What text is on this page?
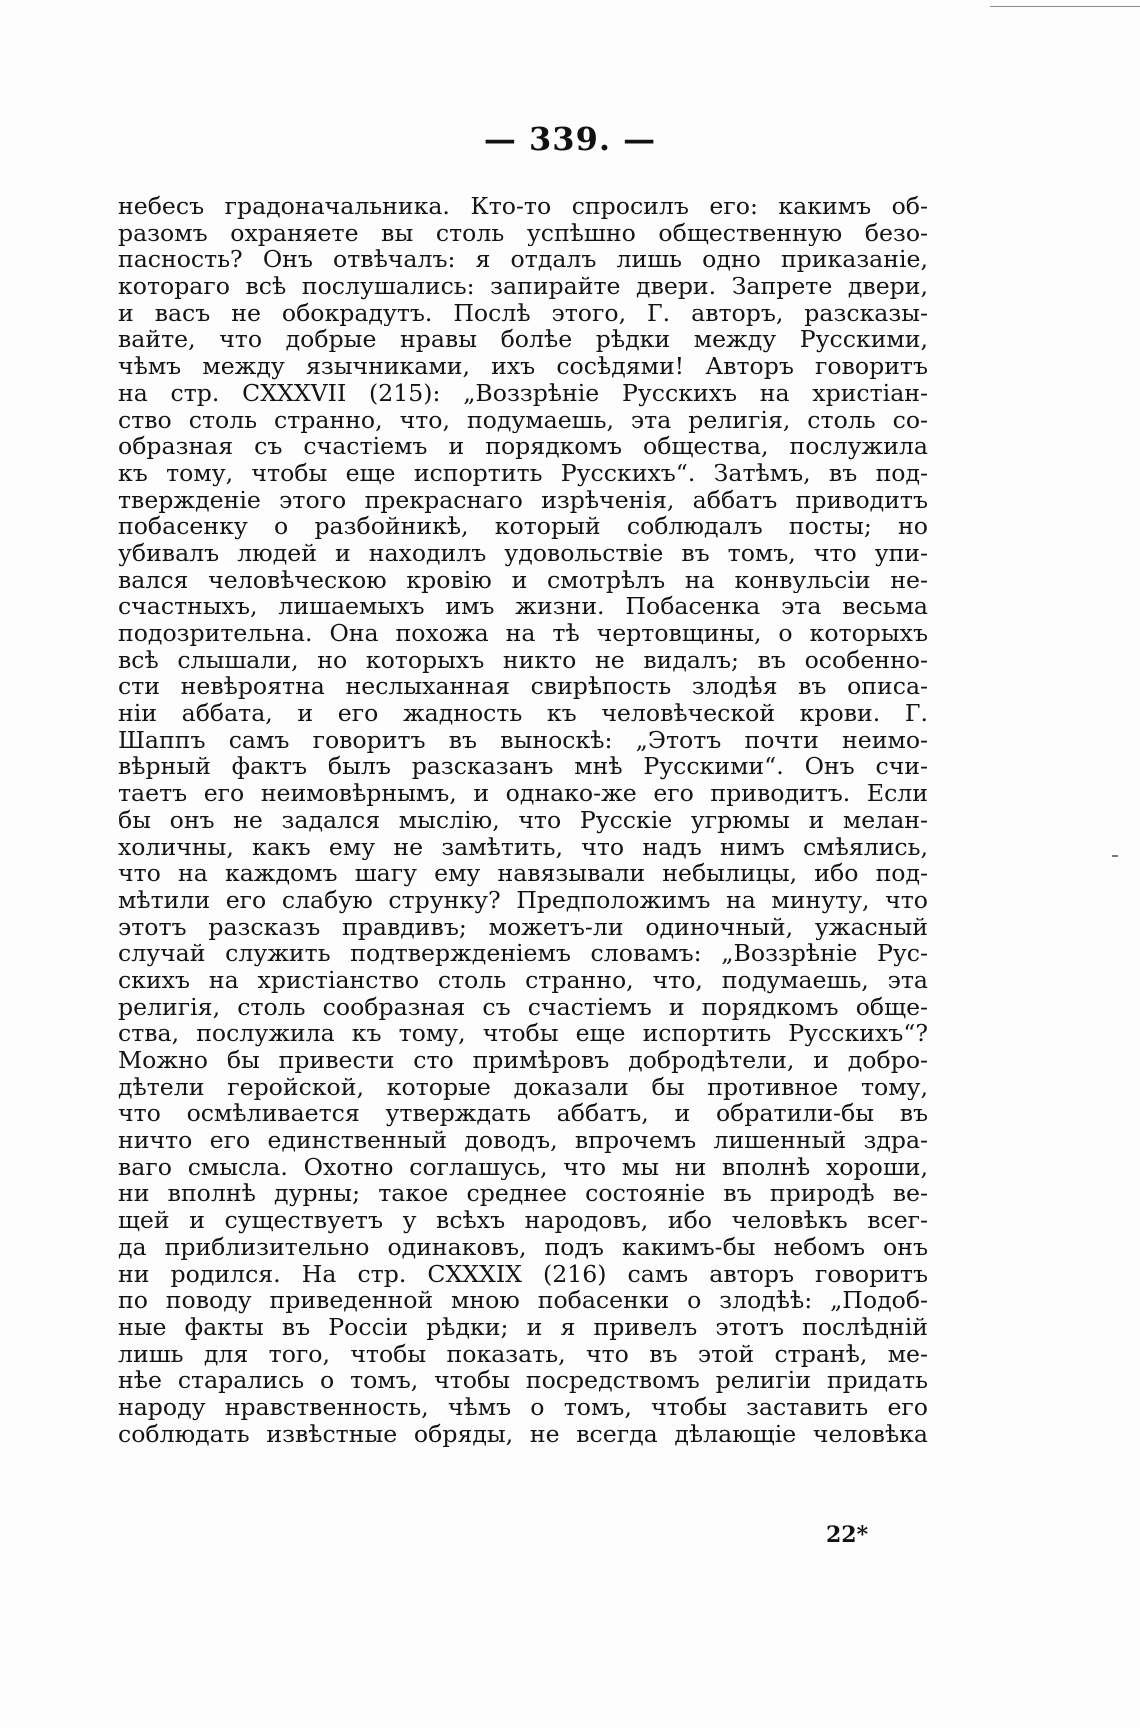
— 339. —
небесъ градоначальника. Кто-то спросилъ его: какимъ об-
разомъ охраняете вы столь успѣшно общественную безо-
пасность? Онъ отвѣчалъ: я отдалъ лишь одно приказаніе,
котораго всѣ послушались: запирайте двери. Запрете двери,
и васъ не обокрадутъ. Послѣ этого, Г. авторъ, разсказы-
вайте, что добрые нравы болѣе рѣдки между Русскими,
чѣмъ между язычниками, ихъ сосѣдями! Авторъ говоритъ
на стр. CXXXVII (215): „Воззрѣніе Русскихъ на христіан-
ство столь странно, что, подумаешь, эта религія, столь со-
образная съ счастіемъ и порядкомъ общества, послужила
къ тому, чтобы еще испортить Русскихъ“. Затѣмъ, въ под-
твержденіе этого прекраснаго изрѣченія, аббатъ приводитъ
побасенку о разбойникѣ, который соблюдалъ посты; но
убивалъ людей и находилъ удовольствіе въ томъ, что упи-
вался человѣческою кровію и смотрѣлъ на конвульсіи не-
счастныхъ, лишаемыхъ имъ жизни. Побасенка эта весьма
подозрительна. Она похожа на тѣ чертовщины, о которыхъ
всѣ слышали, но которыхъ никто не видалъ; въ особенно-
сти невѣроятна неслыханная свирѣпость злодѣя въ описа-
ніи аббата, и его жадность къ человѣческой крови. Г.
Шаппъ самъ говоритъ въ выноскѣ: „Этотъ почти неимо-
вѣрный фактъ былъ разсказанъ мнѣ Русскими“. Онъ счи-
таетъ его неимовѣрнымъ, и однако-же его приводитъ. Если
бы онъ не задался мыслію, что Русскіе угрюмы и мелан-
холичны, какъ ему не замѣтить, что надъ нимъ смѣялись,
что на каждомъ шагу ему навязывали небылицы, ибо под-
мѣтили его слабую струнку? Предположимъ на минуту, что
этотъ разсказъ правдивъ; можетъ-ли одиночный, ужасный
случай служить подтвержденіемъ словамъ: „Воззрѣніе Рус-
скихъ на христіанство столь странно, что, подумаешь, эта
религія, столь сообразная съ счастіемъ и порядкомъ обще-
ства, послужила къ тому, чтобы еще испортить Русскихъ“?
Можно бы привести сто примѣровъ добродѣтели, и добро-
дѣтели геройской, которые доказали бы противное тому,
что осмѣливается утверждать аббатъ, и обратили-бы въ
ничто его единственный доводъ, впрочемъ лишенный здра-
ваго смысла. Охотно соглашусь, что мы ни вполнѣ хороши,
ни вполнѣ дурны; такое среднее состояніе въ природѣ ве-
щей и существуетъ у всѣхъ народовъ, ибо человѣкъ всег-
да приблизительно одинаковъ, подъ какимъ-бы небомъ онъ
ни родился. На стр. CXXXIX (216) самъ авторъ говоритъ
по поводу приведенной мною побасенки о злодѣѣ: „Подоб-
ные факты въ Россіи рѣдки; и я привелъ этотъ послѣдній
лишь для того, чтобы показать, что въ этой странѣ, ме-
нѣе старались о томъ, чтобы посредствомъ религіи придать
народу нравственность, чѣмъ о томъ, чтобы заставить его
соблюдать извѣстные обряды, не всегда дѣлающіе человѣка
22*
